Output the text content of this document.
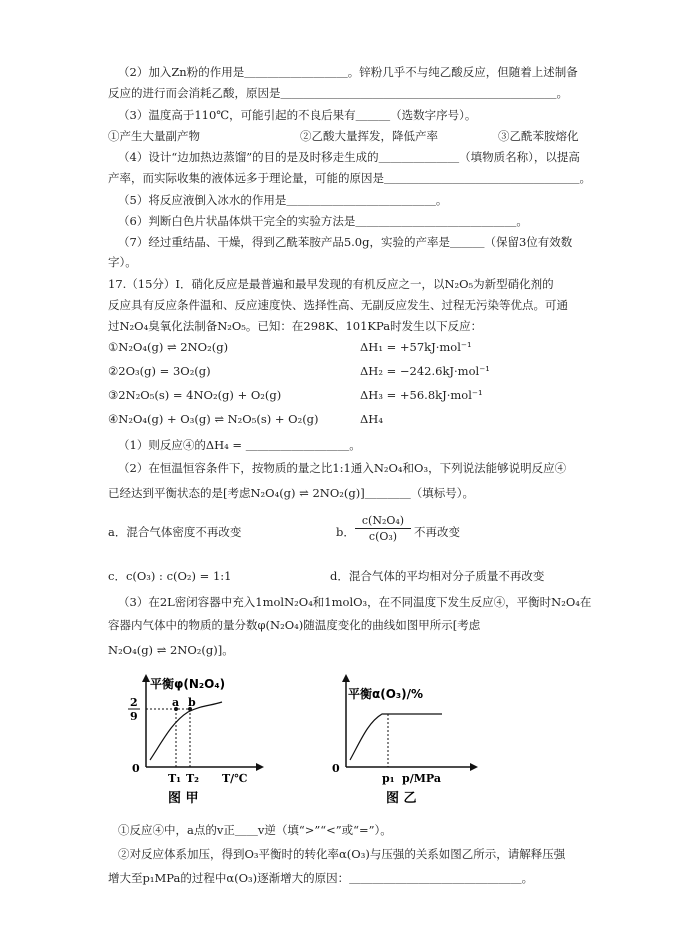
（2）加入Zn粉的作用是＿＿＿＿＿＿＿＿＿。锌粉几乎不与纯乙酸反应，但随着上述制备
反应的进行而会消耗乙酸，原因是＿＿＿＿＿＿＿＿＿＿＿＿＿＿＿＿＿＿＿＿＿＿＿＿。
（3）温度高于110℃，可能引起的不良后果有＿＿＿（选数字序号）。
①产生大量副产物	②乙酸大量挥发，降低产率	③乙酰苯胺熔化
（4）设计“边加热边蒸馏”的目的是及时移走生成的＿＿＿＿＿＿＿（填物质名称），以提高
产率，而实际收集的液体远多于理论量，可能的原因是＿＿＿＿＿＿＿＿＿＿＿＿＿＿＿＿＿。
（5）将反应液倒入冰水的作用是＿＿＿＿＿＿＿＿＿＿＿＿＿。
（6）判断白色片状晶体烘干完全的实验方法是＿＿＿＿＿＿＿＿＿＿＿＿＿＿。
（7）经过重结晶、干燥，得到乙酰苯胺产品5.0g，实验的产率是＿＿＿（保留3位有效数
字）。
17.（15分）Ⅰ．硝化反应是最普遍和最早发现的有机反应之一，以N₂O₅为新型硝化剂的
反应具有反应条件温和、反应速度快、选择性高、无副反应发生、过程无污染等优点。可通
过N₂O₄臭氧化法制备N₂O₅。已知：在298K、101KPa时发生以下反应：
①N₂O₄(g) ⇌ 2NO₂(g)	ΔH₁ = +57kJ·mol⁻¹
②2O₃(g) = 3O₂(g)	ΔH₂ = −242.6kJ·mol⁻¹
③2N₂O₅(s) = 4NO₂(g) + O₂(g)	ΔH₃ = +56.8kJ·mol⁻¹
④N₂O₄(g) + O₃(g) ⇌ N₂O₅(s) + O₂(g)	ΔH₄
（1）则反应④的ΔH₄ = ＿＿＿＿＿＿＿＿＿。
（2）在恒温恒容条件下，按物质的量之比1:1通入N₂O₄和O₃，下列说法能够说明反应④
已经达到平衡状态的是[考虑N₂O₄(g) ⇌ 2NO₂(g)]＿＿＿＿（填标号）。
a．混合气体密度不再改变	b．
c(N₂O₄)
c(O₃)	不再改变
c．c(O₃) : c(O₂) = 1:1	d．混合气体的平均相对分子质量不再改变
（3）在2L密闭容器中充入1molN₂O₄和1molO₃，在不同温度下发生反应④，平衡时N₂O₄在
容器内气体中的物质的量分数φ(N₂O₄)随温度变化的曲线如图甲所示[考虑
N₂O₄(g) ⇌ 2NO₂(g)]。
平衡φ(N₂O₄)
2
9
0
a b
T₁ T₂ T/℃
图 甲
平衡α(O₃)/%
0
p₁ p/MPa
图 乙
①反应④中，a点的v正＿＿v逆（填“>”“<”或“=”）。
②对反应体系加压，得到O₃平衡时的转化率α(O₃)与压强的关系如图乙所示，请解释压强
增大至p₁MPa的过程中α(O₃)逐渐增大的原因：＿＿＿＿＿＿＿＿＿＿＿＿＿＿＿。
